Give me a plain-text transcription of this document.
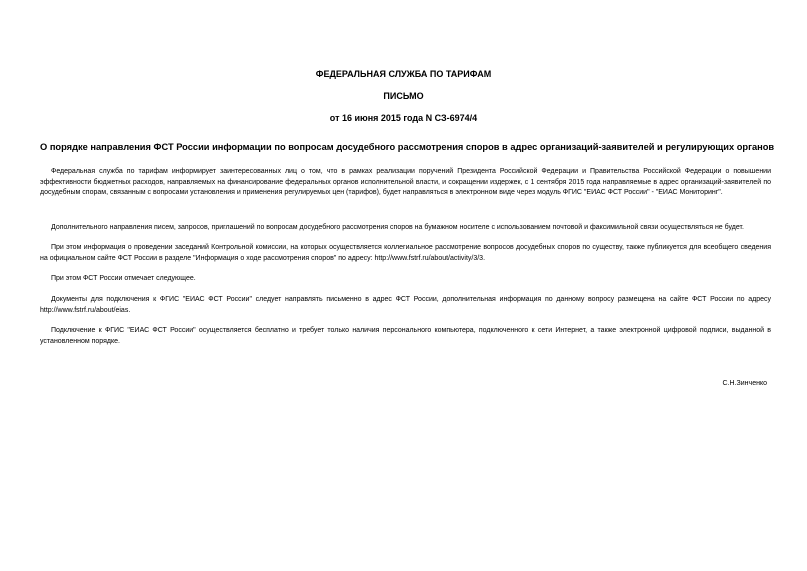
ФЕДЕРАЛЬНАЯ СЛУЖБА ПО ТАРИФАМ
ПИСЬМО
от 16 июня 2015 года N СЗ-6974/4
О порядке направления ФСТ России информации по вопросам досудебного рассмотрения споров в адрес организаций-заявителей и регулирующих органов

Федеральная служба по тарифам информирует заинтересованных лиц о том, что в рамках реализации поручений Президента Российской Федерации и Правительства Российской Федерации о повышении эффективности бюджетных расходов, направляемых на финансирование федеральных органов исполнительной власти, и сокращении издержек, с 1 сентября 2015 года направляемые в адрес организаций-заявителей по досудебным спорам, связанным с вопросами установления и применения регулируемых цен (тарифов), будет направляться в электронном виде через модуль ФГИС "ЕИАС ФСТ России" - "ЕИАС Мониторинг".

Дополнительного направления писем, запросов, приглашений по вопросам досудебного рассмотрения споров на бумажном носителе с использованием почтовой и факсимильной связи осуществляться не будет.

При этом информация о проведении заседаний Контрольной комиссии, на которых осуществляется коллегиальное рассмотрение вопросов досудебных споров по существу, также публикуется для всеобщего сведения на официальном сайте ФСТ России в разделе "Информация о ходе рассмотрения споров" по адресу: http://www.fstrf.ru/about/activity/3/3.

При этом ФСТ России отмечает следующее.

Документы для подключения к ФГИС "ЕИАС ФСТ России" следует направлять письменно в адрес ФСТ России, дополнительная информация по данному вопросу размещена на сайте ФСТ России по адресу http://www.fstrf.ru/about/eias.

Подключение к ФГИС "ЕИАС ФСТ России" осуществляется бесплатно и требует только наличия персонального компьютера, подключенного к сети Интернет, а также электронной цифровой подписи, выданной в установленном порядке.

С.Н.Зинченко
